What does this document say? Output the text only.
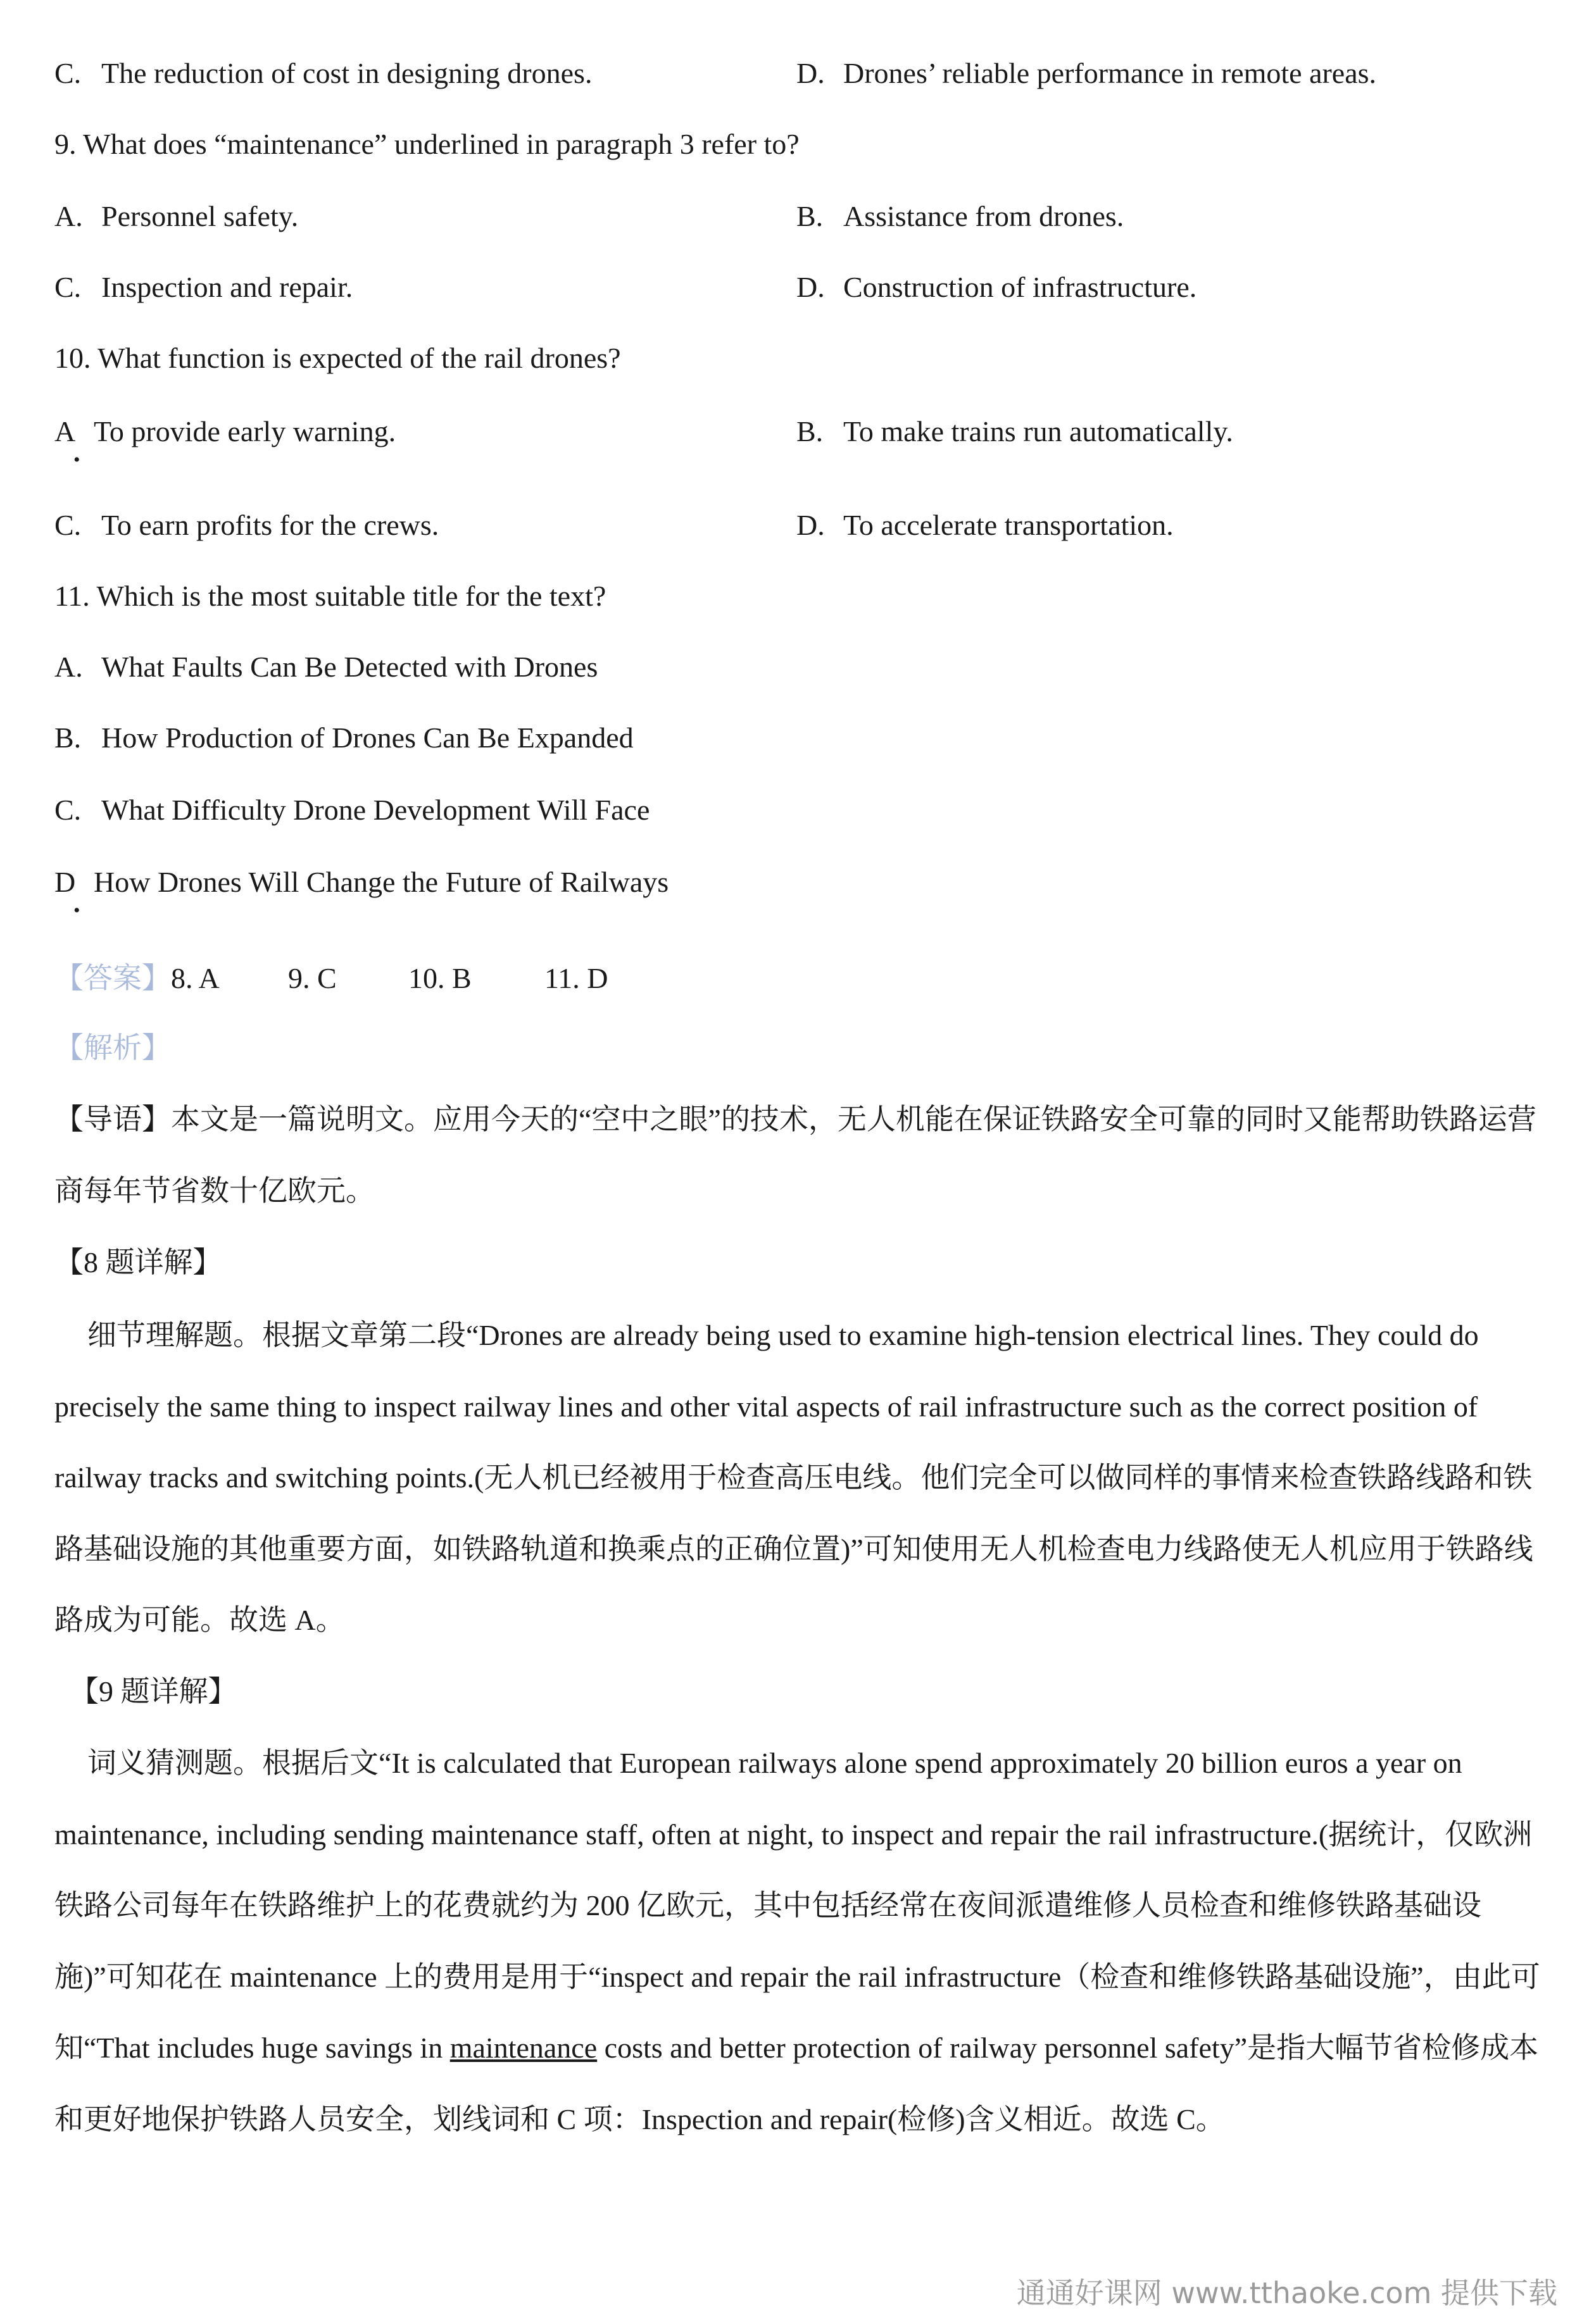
C. The reduction of cost in designing drones.	D. Drones’ reliable performance in remote areas.
9. What does “maintenance” underlined in paragraph 3 refer to?
A. Personnel safety.	B. Assistance from drones.
C. Inspection and repair.	D. Construction of infrastructure.
10. What function is expected of the rail drones?
A To provide early warning.
•
B. To make trains run automatically.
C. To earn profits for the crews.	D. To accelerate transportation.
11. Which is the most suitable title for the text?
A. What Faults Can Be Detected with Drones
B. How Production of Drones Can Be Expanded
C. What Difficulty Drone Development Will Face
D How Drones Will Change the Future of Railways
•
【答案】8. A 9. C 10. B	11. D
【解析】
【导语】本文是一篇说明文。应用今天的“空中之眼”的技术，无人机能在保证铁路安全可靠的同时又能帮助铁路运营商每年节省数十亿欧元。
【8 题详解】
细节理解题。根据文章第二段“Drones are already being used to examine high-tension electrical lines. They could do precisely the same thing to inspect railway lines and other vital aspects of rail infrastructure such as the correct position of railway tracks and switching points.(无人机已经被用于检查高压电线。他们完全可以做同样的事情来检查铁路线路和铁路基础设施的其他重要方面，如铁路轨道和换乘点的正确位置)”可知使用无人机检查电力线路使无人机应用于铁路线路成为可能。故选 A。
【9 题详解】
词义猜测题。根据后文“It is calculated that European railways alone spend approximately 20 billion euros a year on maintenance, including sending maintenance staff, often at night, to inspect and repair the rail infrastructure.(据统计，仅欧洲铁路公司每年在铁路维护上的花费就约为 200 亿欧元，其中包括经常在夜间派遣维修人员检查和维修铁路基础设施)”可知花在 maintenance 上的费用是用于“inspect and repair the rail infrastructure（检查和维修铁路基础设施”，由此可知“That includes huge savings in maintenance costs and better protection of railway personnel safety”是指大幅节省检修成本和更好地保护铁路人员安全，划线词和 C 项：Inspection and repair(检修)含义相近。故选 C。
通通好课网 www.tthaoke.com 提供下载
